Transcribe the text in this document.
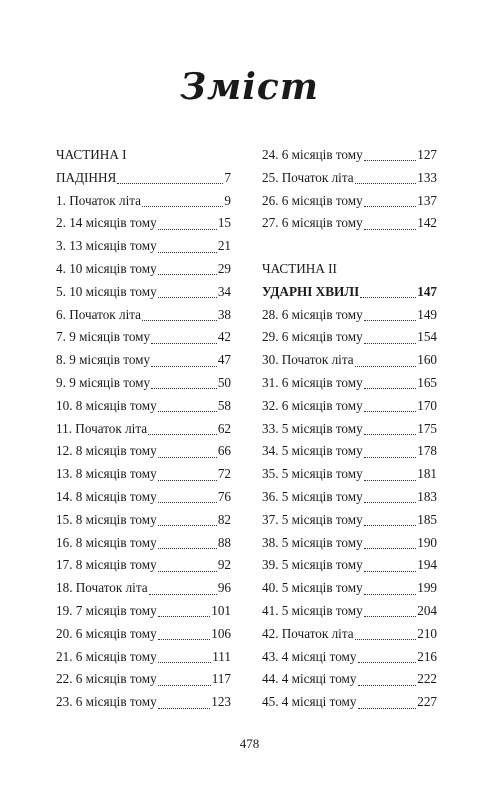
Зміст
ЧАСТИНА І
ПАДІННЯ	7
1. Початок літа	9
2. 14 місяців тому	15
3. 13 місяців тому	21
4. 10 місяців тому	29
5. 10 місяців тому	34
6. Початок літа	38
7. 9 місяців тому	42
8. 9 місяців тому	47
9. 9 місяців тому	50
10. 8 місяців тому	58
11. Початок літа	62
12. 8 місяців тому	66
13. 8 місяців тому	72
14. 8 місяців тому	76
15. 8 місяців тому	82
16. 8 місяців тому	88
17. 8 місяців тому	92
18. Початок літа	96
19. 7 місяців тому	101
20. 6 місяців тому	106
21. 6 місяців тому	111
22. 6 місяців тому	117
23. 6 місяців тому	123
24. 6 місяців тому	127
25. Початок літа	133
26. 6 місяців тому	137
27. 6 місяців тому	142
ЧАСТИНА ІІ
УДАРНІ ХВИЛІ	147
28. 6 місяців тому	149
29. 6 місяців тому	154
30. Початок літа	160
31. 6 місяців тому	165
32. 6 місяців тому	170
33. 5 місяців тому	175
34. 5 місяців тому	178
35. 5 місяців тому	181
36. 5 місяців тому	183
37. 5 місяців тому	185
38. 5 місяців тому	190
39. 5 місяців тому	194
40. 5 місяців тому	199
41. 5 місяців тому	204
42. Початок літа	210
43. 4 місяці тому	216
44. 4 місяці тому	222
45. 4 місяці тому	227
478
